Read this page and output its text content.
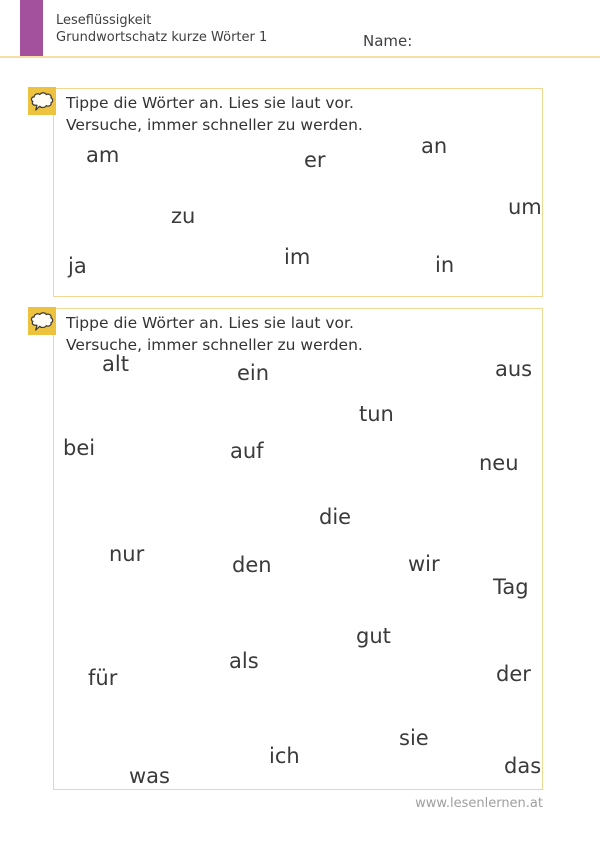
Leseflüssigkeit
Grundwortschatz kurze Wörter 1	Name:
Tippe die Wörter an. Lies sie laut vor.
Versuche, immer schneller zu werden.
am	er
an
zu	um
ja	im	in
Tippe die Wörter an. Lies sie laut vor.
Versuche, immer schneller zu werden.
alt	ein	aus
tun
bei	auf	neu
die
nur	den	wir
Tag
gut
als
für	der
sie
ich
was	das
www.lesenlernen.at
